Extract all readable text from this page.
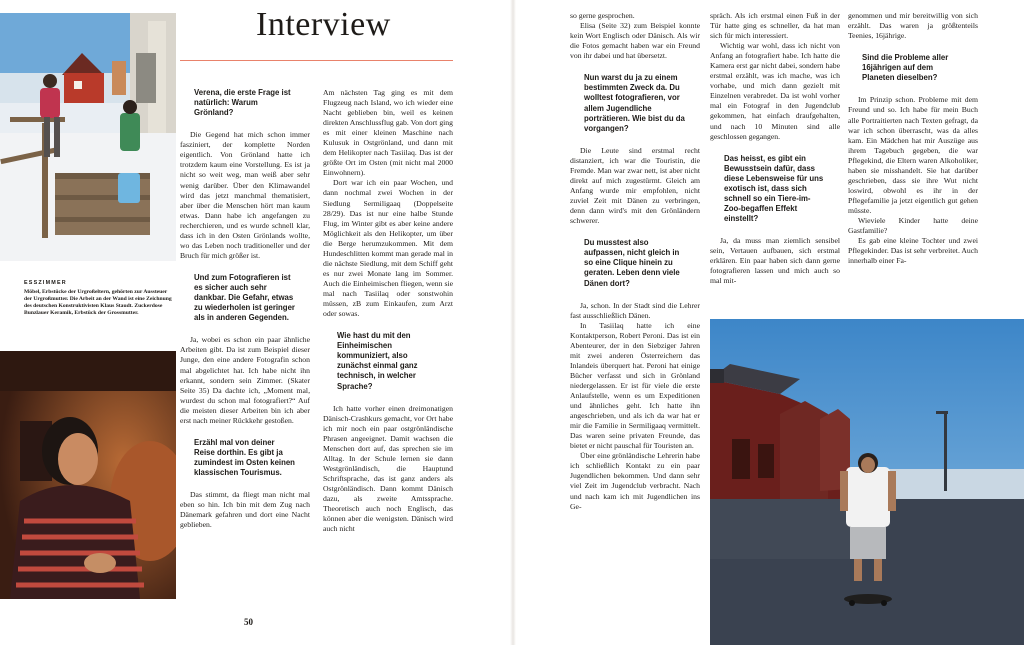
ESSZIMMER
Möbel, Erbstücke der Urgroßeltern, gehörten zur Aussteuer der Urgroßmutter. Die Arbeit an der Wand ist eine Zeichnung des deutschen Konstruktivisten Klaus Staudt. Zuckerdose Bunzlauer Keramik, Erbstück der Grossmutter.
Interview

Verena, die erste Frage ist natürlich: Warum Grönland?

Die Gegend hat mich schon immer fasziniert, der komplette Norden eigentlich. Von Grönland hatte ich trotzdem kaum eine Vorstellung. Es ist ja nicht so weit weg, man weiß aber sehr wenig darüber. Über den Klimawandel wird das jetzt manchmal thematisiert, aber über die Menschen hört man kaum etwas. Dann habe ich angefangen zu recherchieren, und es wurde schnell klar, dass ich in den Osten Grönlands wollte, wo das Leben noch traditioneller und der Bruch für mich größer ist.

Und zum Fotografieren ist es sicher auch sehr dankbar. Die Gefahr, etwas zu wiederholen ist geringer als in anderen Gegenden.

Ja, wobei es schon ein paar ähnliche Arbeiten gibt. Da ist zum Beispiel dieser Junge, den eine andere Fotografin schon mal abgelichtet hat. Ich habe nicht ihn erkannt, sondern sein Zimmer. (Skater Seite 35) Da dachte ich, „Moment mal, wurdest du schon mal fotografiert?“ Auf die meisten dieser Arbeiten bin ich aber erst nach meiner Rückkehr gestoßen.

Erzähl mal von deiner Reise dorthin. Es gibt ja zumindest im Osten keinen klassischen Tourismus.

Das stimmt, da fliegt man nicht mal eben so hin. Ich bin mit dem Zug nach Dänemark gefahren und dort eine Nacht geblieben.

Am nächsten Tag ging es mit dem Flugzeug nach Island, wo ich wieder eine Nacht geblieben bin, weil es keinen direkten Anschlussflug gab. Von dort ging es mit einer kleinen Maschine nach Kulusuk in Ostgrönland, und dann mit dem Helikopter nach Tasiilaq. Das ist der größte Ort im Osten (mit nicht mal 2000 Einwohnern).

Dort war ich ein paar Wochen, und dann nochmal zwei Wochen in der Siedlung Sermiligaaq (Doppelseite 28/29). Das ist nur eine halbe Stunde Flug, im Winter gibt es aber keine andere Möglichkeit als den Helikopter, um über die Berge herumzukommen. Mit dem Hundeschlitten kommt man gerade mal in die nächste Siedlung, mit dem Schiff geht es nur zwei Monate lang im Sommer. Auch die Einheimischen fliegen, wenn sie mal nach Tasiilaq oder sonstwohin müssen, zB zum Einkaufen, zum Arzt oder sowas.

Wie hast du mit den Einheimischen kommuniziert, also zunächst einmal ganz technisch, in welcher Sprache?

Ich hatte vorher einen dreimonatigen Dänisch-Crashkurs gemacht, vor Ort habe ich mir noch ein paar ostgrönländische Phrasen angeeignet. Damit wachsen die Menschen dort auf, das sprechen sie im Alltag. In der Schule lernen sie dann Westgrönländisch, die Hauptund Schriftsprache, das ist ganz anders als Ostgrönländisch. Dann kommt Dänisch dazu, als zweite Amtssprache. Theoretisch auch noch Englisch, das können aber die wenigsten. Dänisch wird auch nicht

so gerne gesprochen.

Elisa (Seite 32) zum Beispiel konnte kein Wort Englisch oder Dänisch. Als wir die Fotos gemacht haben war ein Freund von ihr dabei und hat übersetzt.

Nun warst du ja zu einem bestimmten Zweck da. Du wolltest fotografieren, vor allem Jugendliche porträtieren. Wie bist du da vorgangen?

Die Leute sind erstmal recht distanziert, ich war die Touristin, die Fremde. Man war zwar nett, ist aber nicht direkt auf mich zugestürmt. Gleich am Anfang wurde mir empfohlen, nicht zuviel Zeit mit Dänen zu verbringen, denn dann wird's mit den Grönländern schwerer.

Du musstest also aufpassen, nicht gleich in so eine Clique hinein zu geraten. Leben denn viele Dänen dort?

Ja, schon. In der Stadt sind die Lehrer fast ausschließlich Dänen.

In Tasiilaq hatte ich eine Kontaktperson, Robert Peroni. Das ist ein Abenteurer, der in den Siebziger Jahren mit zwei anderen Österreichern das Inlandeis überquert hat. Peroni hat einige Bücher verfasst und sich in Grönland niedergelassen. Er ist für viele die erste Anlaufstelle, wenn es um Expeditionen und ähnliches geht. Ich hatte ihn angeschrieben, und als ich da war hat er mir die Familie in Sermiligaaq vermittelt. Das waren seine privaten Freunde, das bietet er nicht pauschal für Touristen an.

Über eine grönländische Lehrerin habe ich schließlich Kontakt zu ein paar Jugendlichen bekommen. Und dann sehr viel Zeit im Jugendclub verbracht. Nach und nach kam ich mit Jugendlichen ins Ge-

spräch. Als ich erstmal einen Fuß in der Tür hatte ging es schneller, da hat man sich für mich interessiert.

Wichtig war wohl, dass ich nicht von Anfang an fotografiert habe. Ich hatte die Kamera erst gar nicht dabei, sondern habe erstmal erzählt, was ich mache, was ich vorhabe, und mich dann gezielt mit Einzelnen verabredet. Da ist wohl vorher mal ein Fotograf in den Jugendclub gekommen, hat einfach draufgehalten, und nach 10 Minuten sind alle geschlossen gegangen.

Das heisst, es gibt ein Bewusstsein dafür, dass diese Lebensweise für uns exotisch ist, dass sich schnell so ein Tiere-im-Zoo-begaffen Effekt einstellt?

Ja, da muss man ziemlich sensibel sein, Vertauen aufbauen, sich erstmal erklären. Ein paar haben sich dann gerne fotografieren lassen und mich auch so mal mit-

genommen und mir bereitwillig von sich erzählt. Das waren ja größtenteils Teenies, 16jährige.

Sind die Probleme aller 16jährigen auf dem Planeten dieselben?

Im Prinzip schon. Probleme mit dem Freund und so. Ich habe für mein Buch alle Portraitierten nach Texten gefragt, da war ich schon überrascht, was da alles kam. Ein Mädchen hat mir Auszüge aus ihrem Tagebuch gegeben, die war Pflegekind, die Eltern waren Alkoholiker, haben sie misshandelt. Sie hat darüber geschrieben, dass sie ihre Wut nicht loswird, obwohl es ihr in der Pflegefamilie ja jetzt eigentlich gut gehen müsste.

Wieviele Kinder hatte deine Gastfamilie?

Es gab eine kleine Tochter und zwei Pflegekinder. Das ist sehr verbreitet. Auch innerhalb einer Fa-

50
